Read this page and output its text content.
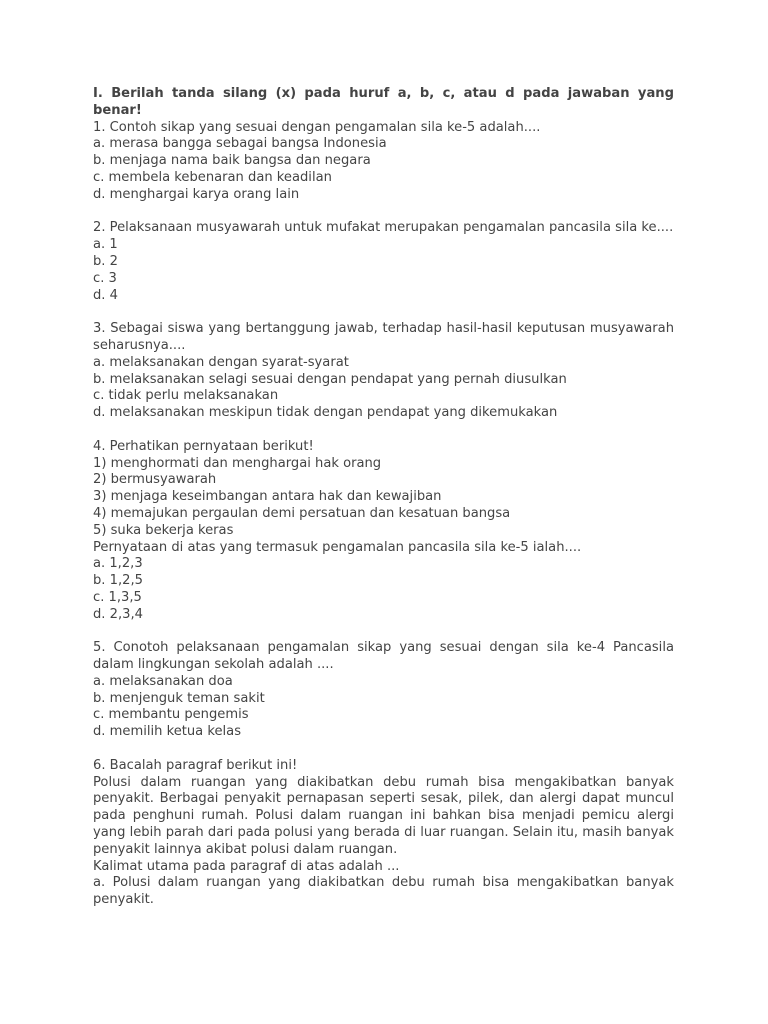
I. Berilah tanda silang (x) pada huruf a, b, c, atau d pada jawaban yang benar!
1. Contoh sikap yang sesuai dengan pengamalan sila ke-5 adalah....
a. merasa bangga sebagai bangsa Indonesia
b. menjaga nama baik bangsa dan negara
c. membela kebenaran dan keadilan
d. menghargai karya orang lain
2. Pelaksanaan musyawarah untuk mufakat merupakan pengamalan pancasila sila ke....
a. 1
b. 2
c. 3
d. 4
3. Sebagai siswa yang bertanggung jawab, terhadap hasil-hasil keputusan musyawarah seharusnya....
a. melaksanakan dengan syarat-syarat
b. melaksanakan selagi sesuai dengan pendapat yang pernah diusulkan
c. tidak perlu melaksanakan
d. melaksanakan meskipun tidak dengan pendapat yang dikemukakan
4. Perhatikan pernyataan berikut!
1) menghormati dan menghargai hak orang
2) bermusyawarah
3) menjaga keseimbangan antara hak dan kewajiban
4) memajukan pergaulan demi persatuan dan kesatuan bangsa
5) suka bekerja keras
Pernyataan di atas yang termasuk pengamalan pancasila sila ke-5 ialah....
a. 1,2,3
b. 1,2,5
c. 1,3,5
d. 2,3,4
5. Conotoh pelaksanaan pengamalan sikap yang sesuai dengan sila ke-4 Pancasila dalam lingkungan sekolah adalah ....
a. melaksanakan doa
b. menjenguk teman sakit
c. membantu pengemis
d. memilih ketua kelas
6. Bacalah paragraf berikut ini!
Polusi dalam ruangan yang diakibatkan debu rumah bisa mengakibatkan banyak penyakit. Berbagai penyakit pernapasan seperti sesak, pilek, dan alergi dapat muncul pada penghuni rumah. Polusi dalam ruangan ini bahkan bisa menjadi pemicu alergi yang lebih parah dari pada polusi yang berada di luar ruangan. Selain itu, masih banyak penyakit lainnya akibat polusi dalam ruangan.
Kalimat utama pada paragraf di atas adalah ...
a. Polusi dalam ruangan yang diakibatkan debu rumah bisa mengakibatkan banyak penyakit.
